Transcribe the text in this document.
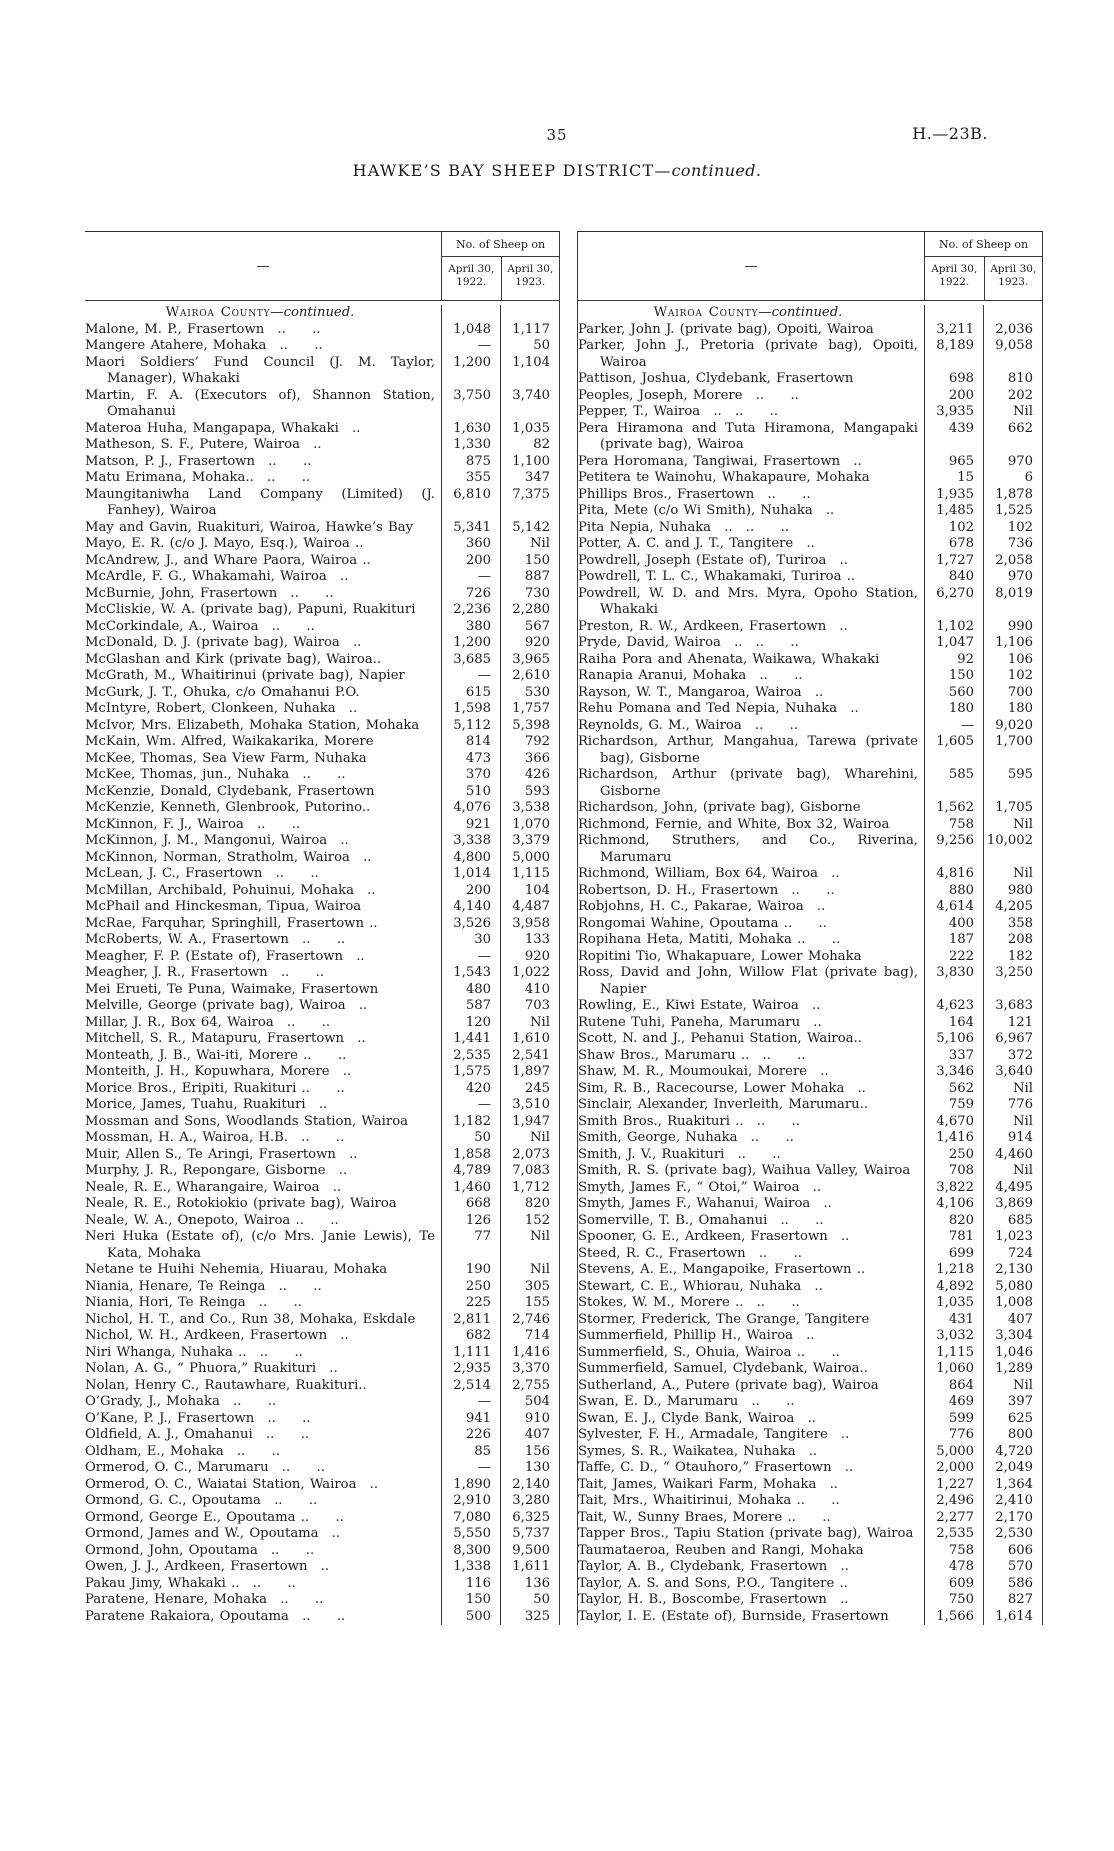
35	H.—23B.
HAWKE’S BAY SHEEP DISTRICT—continued.
—
No. of Sheep on
April 30, 1922.
April 30, 1923.
Wairoa County—continued.
Malone, M. P., Frasertown ..  ..	1,048	1,117
Mangere Atahere, Mohaka ..  ..	—	50
Maori Soldiers’ Fund Council (J. M. Taylor, Manager), Whakaki
1,200	1,104
Martin, F. A. (Executors of), Shannon Station, Omahanui
3,750	3,740
Materoa Huha, Mangapapa, Whakaki ..	1,630	1,035
Matheson, S. F., Putere, Wairoa ..	1,330	82
Matson, P. J., Frasertown ..  ..	875	1,100
Matu Erimana, Mohaka.. ..  ..	355	347
Maungitaniwha Land Company (Limited) (J. Fanhey), Wairoa
6,810	7,375
May and Gavin, Ruakituri, Wairoa, Hawke’s Bay	5,341	5,142
Mayo, E. R. (c/o J. Mayo, Esq.), Wairoa ..	360	Nil
McAndrew, J., and Whare Paora, Wairoa ..	200	150
McArdle, F. G., Whakamahi, Wairoa ..	—	887
McBurnie, John, Frasertown ..  ..	726	730
McCliskie, W. A. (private bag), Papuni, Ruakituri	2,236	2,280
McCorkindale, A., Wairoa ..  ..	380	567
McDonald, D. J. (private bag), Wairoa ..	1,200	920
McGlashan and Kirk (private bag), Wairoa..	3,685	3,965
McGrath, M., Whaitirinui (private bag), Napier	—	2,610
McGurk, J. T., Ohuka, c/o Omahanui P.O.	615	530
McIntyre, Robert, Clonkeen, Nuhaka ..	1,598	1,757
McIvor, Mrs. Elizabeth, Mohaka Station, Mohaka	5,112	5,398
McKain, Wm. Alfred, Waikakarika, Morere	814	792
McKee, Thomas, Sea View Farm, Nuhaka	473	366
McKee, Thomas, jun., Nuhaka ..  ..	370	426
McKenzie, Donald, Clydebank, Frasertown	510	593
McKenzie, Kenneth, Glenbrook, Putorino..	4,076	3,538
McKinnon, F. J., Wairoa ..  ..	921	1,070
McKinnon, J. M., Mangonui, Wairoa ..	3,338	3,379
McKinnon, Norman, Stratholm, Wairoa ..	4,800	5,000
McLean, J. C., Frasertown ..  ..	1,014	1,115
McMillan, Archibald, Pohuinui, Mohaka ..	200	104
McPhail and Hinckesman, Tipua, Wairoa	4,140	4,487
McRae, Farquhar, Springhill, Frasertown ..	3,526	3,958
McRoberts, W. A., Frasertown ..  ..	30	133
Meagher, F. P. (Estate of), Frasertown ..	—	920
Meagher, J. R., Frasertown ..  ..	1,543	1,022
Mei Erueti, Te Puna, Waimake, Frasertown	480	410
Melville, George (private bag), Wairoa ..	587	703
Millar, J. R., Box 64, Wairoa ..  ..	120	Nil
Mitchell, S. R., Matapuru, Frasertown ..	1,441	1,610
Monteath, J. B., Wai-iti, Morere ..  ..	2,535	2,541
Monteith, J. H., Kopuwhara, Morere ..	1,575	1,897
Morice Bros., Eripiti, Ruakituri ..  ..	420	245
Morice, James, Tuahu, Ruakituri ..	—	3,510
Mossman and Sons, Woodlands Station, Wairoa	1,182	1,947
Mossman, H. A., Wairoa, H.B. ..  ..	50	Nil
Muir, Allen S., Te Aringi, Frasertown ..	1,858	2,073
Murphy, J. R., Repongare, Gisborne ..	4,789	7,083
Neale, R. E., Wharangaire, Wairoa ..	1,460	1,712
Neale, R. E., Rotokiokio (private bag), Wairoa	668	820
Neale, W. A., Onepoto, Wairoa ..  ..	126	152
Neri Huka (Estate of), (c/o Mrs. Janie Lewis), Te Kata, Mohaka
77	Nil
Netane te Huihi Nehemia, Hiuarau, Mohaka	190	Nil
Niania, Henare, Te Reinga ..  ..	250	305
Niania, Hori, Te Reinga ..  ..	225	155
Nichol, H. T., and Co., Run 38, Mohaka, Eskdale	2,811	2,746
Nichol, W. H., Ardkeen, Frasertown ..	682	714
Niri Whanga, Nuhaka .. ..  ..	1,111	1,416
Nolan, A. G., “ Phuora,” Ruakituri ..	2,935	3,370
Nolan, Henry C., Rautawhare, Ruakituri..	2,514	2,755
O’Grady, J., Mohaka ..  ..	—	504
O’Kane, P. J., Frasertown ..  ..	941	910
Oldfield, A. J., Omahanui ..  ..	226	407
Oldham, E., Mohaka ..  ..	85	156
Ormerod, O. C., Marumaru ..  ..	—	130
Ormerod, O. C., Waiatai Station, Wairoa ..	1,890	2,140
Ormond, G. C., Opoutama ..  ..	2,910	3,280
Ormond, George E., Opoutama ..  ..	7,080	6,325
Ormond, James and W., Opoutama ..	5,550	5,737
Ormond, John, Opoutama ..  ..	8,300	9,500
Owen, J. J., Ardkeen, Frasertown ..	1,338	1,611
Pakau Jimy, Whakaki .. ..  ..	116	136
Paratene, Henare, Mohaka ..  ..	150	50
Paratene Rakaiora, Opoutama ..  ..	500	325
—
No. of Sheep on
April 30, 1922.
April 30, 1923.
Wairoa County—continued.
Parker, John J. (private bag), Opoiti, Wairoa	3,211	2,036
Parker, John J., Pretoria (private bag), Opoiti, Wairoa
8,189	9,058
Pattison, Joshua, Clydebank, Frasertown	698	810
Peoples, Joseph, Morere ..  ..	200	202
Pepper, T., Wairoa .. ..  ..	3,935	Nil
Pera Hiramona and Tuta Hiramona, Mangapaki (private bag), Wairoa
439	662
Pera Horomana, Tangiwai, Frasertown ..	965	970
Petitera te Wainohu, Whakapaure, Mohaka	15	6
Phillips Bros., Frasertown ..  ..	1,935	1,878
Pita, Mete (c/o Wi Smith), Nuhaka ..	1,485	1,525
Pita Nepia, Nuhaka .. ..  ..	102	102
Potter, A. C. and J. T., Tangitere ..	678	736
Powdrell, Joseph (Estate of), Turiroa ..	1,727	2,058
Powdrell, T. L. C., Whakamaki, Turiroa ..	840	970
Powdrell, W. D. and Mrs. Myra, Opoho Station, Whakaki
6,270	8,019
Preston, R. W., Ardkeen, Frasertown ..	1,102	990
Pryde, David, Wairoa .. ..  ..	1,047	1,106
Raiha Pora and Ahenata, Waikawa, Whakaki	92	106
Ranapia Aranui, Mohaka ..  ..	150	102
Rayson, W. T., Mangaroa, Wairoa ..	560	700
Rehu Pomana and Ted Nepia, Nuhaka ..	180	180
Reynolds, G. M., Wairoa ..  ..	—	9,020
Richardson, Arthur, Mangahua, Tarewa (private bag), Gisborne
1,605	1,700
Richardson, Arthur (private bag), Wharehini, Gisborne
585	595
Richardson, John, (private bag), Gisborne	1,562	1,705
Richmond, Fernie, and White, Box 32, Wairoa	758	Nil
Richmond, Struthers, and Co., Riverina, Marumaru
9,256 10,002
Richmond, William, Box 64, Wairoa ..	4,816	Nil
Robertson, D. H., Frasertown ..  ..	880	980
Robjohns, H. C., Pakarae, Wairoa ..	4,614	4,205
Rongomai Wahine, Opoutama ..  ..	400	358
Ropihana Heta, Matiti, Mohaka ..  ..	187	208
Ropitini Tio, Whakapuare, Lower Mohaka	222	182
Ross, David and John, Willow Flat (private bag), Napier
3,830	3,250
Rowling, E., Kiwi Estate, Wairoa ..	4,623	3,683
Rutene Tuhi, Paneha, Marumaru ..	164	121
Scott, N. and J., Pehanui Station, Wairoa..	5,106	6,967
Shaw Bros., Marumaru .. ..  ..	337	372
Shaw, M. R., Moumoukai, Morere ..	3,346	3,640
Sim, R. B., Racecourse, Lower Mohaka ..	562	Nil
Sinclair, Alexander, Inverleith, Marumaru..	759	776
Smith Bros., Ruakituri .. ..  ..	4,670	Nil
Smith, George, Nuhaka ..  ..	1,416	914
Smith, J. V., Ruakituri ..  ..	250	4,460
Smith, R. S. (private bag), Waihua Valley, Wairoa	708	Nil
Smyth, James F., “ Otoi,” Wairoa ..	3,822	4,495
Smyth, James F., Wahanui, Wairoa ..	4,106	3,869
Somerville, T. B., Omahanui ..  ..	820	685
Spooner, G. E., Ardkeen, Frasertown ..	781	1,023
Steed, R. C., Frasertown ..  ..	699	724
Stevens, A. E., Mangapoike, Frasertown ..	1,218	2,130
Stewart, C. E., Whiorau, Nuhaka ..	4,892	5,080
Stokes, W. M., Morere .. ..  ..	1,035	1,008
Stormer, Frederick, The Grange, Tangitere	431	407
Summerfield, Phillip H., Wairoa ..	3,032	3,304
Summerfield, S., Ohuia, Wairoa ..  ..	1,115	1,046
Summerfield, Samuel, Clydebank, Wairoa..	1,060	1,289
Sutherland, A., Putere (private bag), Wairoa	864	Nil
Swan, E. D., Marumaru ..  ..	469	397
Swan, E. J., Clyde Bank, Wairoa ..	599	625
Sylvester, F. H., Armadale, Tangitere ..	776	800
Symes, S. R., Waikatea, Nuhaka ..	5,000	4,720
Taffe, C. D., “ Otauhoro,” Frasertown ..	2,000	2,049
Tait, James, Waikari Farm, Mohaka ..	1,227	1,364
Tait, Mrs., Whaitirinui, Mohaka ..  ..	2,496	2,410
Tait, W., Sunny Braes, Morere ..  ..	2,277	2,170
Tapper Bros., Tapiu Station (private bag), Wairoa	2,535	2,530
Taumataeroa, Reuben and Rangi, Mohaka	758	606
Taylor, A. B., Clydebank, Frasertown ..	478	570
Taylor, A. S. and Sons, P.O., Tangitere ..	609	586
Taylor, H. B., Boscombe, Frasertown ..	750	827
Taylor, I. E. (Estate of), Burnside, Frasertown	1,566	1,614
